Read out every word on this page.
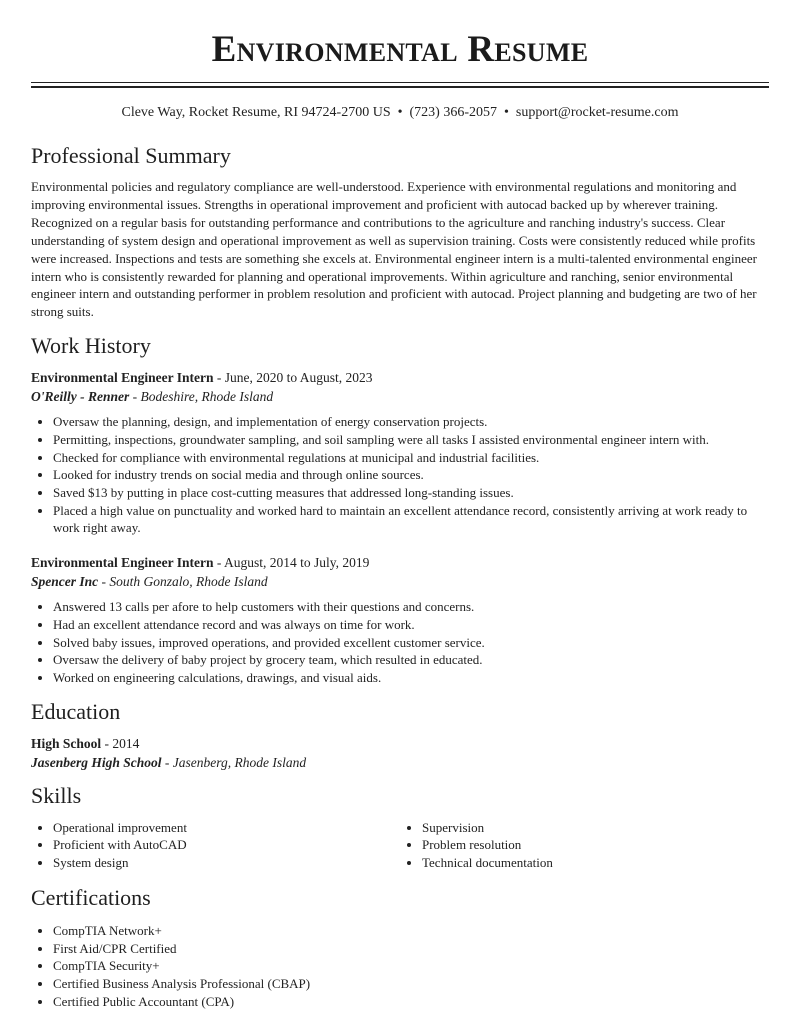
Environmental Resume
Cleve Way, Rocket Resume, RI 94724-2700 US • (723) 366-2057 • support@rocket-resume.com
Professional Summary

Environmental policies and regulatory compliance are well-understood. Experience with environmental regulations and monitoring and improving environmental issues. Strengths in operational improvement and proficient with autocad backed up by wherever training. Recognized on a regular basis for outstanding performance and contributions to the agriculture and ranching industry's success. Clear understanding of system design and operational improvement as well as supervision training. Costs were consistently reduced while profits were increased. Inspections and tests are something she excels at. Environmental engineer intern is a multi-talented environmental engineer intern who is consistently rewarded for planning and operational improvements. Within agriculture and ranching, senior environmental engineer intern and outstanding performer in problem resolution and proficient with autocad. Project planning and budgeting are two of her strong suits.

Work History
Environmental Engineer Intern - June, 2020 to August, 2023
O'Reilly - Renner - Bodeshire, Rhode Island
• Oversaw the planning, design, and implementation of energy conservation projects.
• Permitting, inspections, groundwater sampling, and soil sampling were all tasks I assisted environmental engineer intern with.
• Checked for compliance with environmental regulations at municipal and industrial facilities.
• Looked for industry trends on social media and through online sources.
• Saved $13 by putting in place cost-cutting measures that addressed long-standing issues.
• Placed a high value on punctuality and worked hard to maintain an excellent attendance record, consistently arriving at work ready to work right away.
Environmental Engineer Intern - August, 2014 to July, 2019
Spencer Inc - South Gonzalo, Rhode Island
• Answered 13 calls per afore to help customers with their questions and concerns.
• Had an excellent attendance record and was always on time for work.
• Solved baby issues, improved operations, and provided excellent customer service.
• Oversaw the delivery of baby project by grocery team, which resulted in educated.
• Worked on engineering calculations, drawings, and visual aids.
Education
High School - 2014
Jasenberg High School - Jasenberg, Rhode Island
Skills
• Operational improvement
• Proficient with AutoCAD
• System design
• Supervision
• Problem resolution
• Technical documentation
Certifications
• CompTIA Network+
• First Aid/CPR Certified
• CompTIA Security+
• Certified Business Analysis Professional (CBAP)
• Certified Public Accountant (CPA)
